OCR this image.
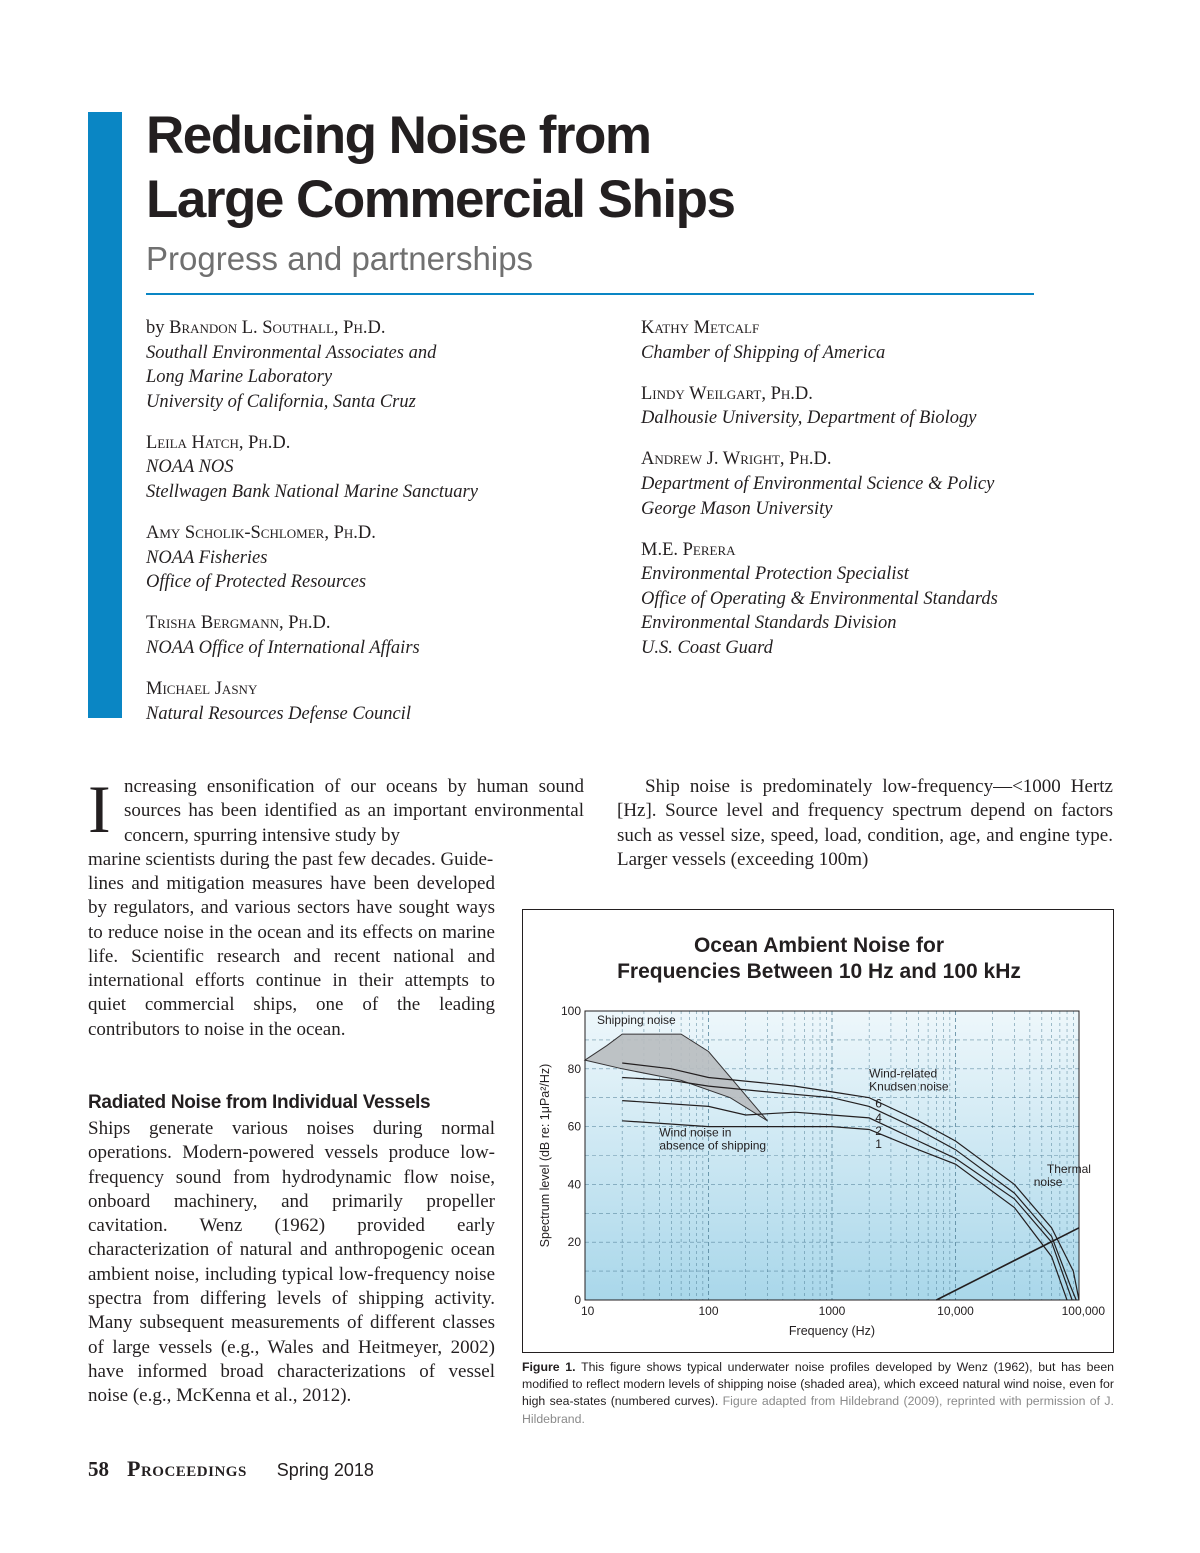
Reducing Noise from
Large Commercial Ships
Progress and partnerships
by Brandon L. Southall, Ph.D.
Southall Environmental Associates and
Long Marine Laboratory
University of California, Santa Cruz
Leila Hatch, Ph.D.
NOAA NOS
Stellwagen Bank National Marine Sanctuary
Amy Scholik-Schlomer, Ph.D.
NOAA Fisheries
Office of Protected Resources
Trisha Bergmann, Ph.D.
NOAA Office of International Affairs
Michael Jasny
Natural Resources Defense Council
Kathy Metcalf
Chamber of Shipping of America
Lindy Weilgart, Ph.D.
Dalhousie University, Department of Biology
Andrew J. Wright, Ph.D.
Department of Environmental Science & Policy
George Mason University
M.E. Perera
Environmental Protection Specialist
Office of Operating & Environmental Standards
Environmental Standards Division
U.S. Coast Guard
I ncreasing ensonification of our oceans by human sound sources has been identified as an important environmental concern, spurring intensive study by

marine scientists during the past few decades. Guide-

lines and mitigation measures have been developed by regulators, and various sectors have sought ways to reduce noise in the ocean and its effects on marine life. Scientific research and recent national and international efforts continue in their attempts to quiet commercial ships, one of the leading contributors to noise in the ocean.

Radiated Noise from Individual Vessels

Ships generate various noises during normal operations. Modern-powered vessels produce low-frequency sound from hydrodynamic flow noise, onboard machinery, and primarily propeller cavitation. Wenz (1962) provided early characterization of natural and anthropogenic ocean ambient noise, including typical low-frequency noise spectra from differing levels of shipping activity. Many subsequent measurements of different classes of large vessels (e.g., Wales and Heitmeyer, 2002) have informed broad characterizations of vessel noise (e.g., McKenna et al., 2012).

Ship noise is predominately low-frequency—<1000 Hertz [Hz]. Source level and frequency spectrum depend on factors such as vessel size, speed, load, condition, age, and engine type. Larger vessels (exceeding 100m)

Ocean Ambient Noise for
Frequencies Between 10 Hz and 100 kHz
10	100	1000	10,000	100,000
0
20
40
60
80
100
6
4
2
1
Shipping noise
Wind-related
Knudsen noise
Wind noise in
absence of shipping
Thermal
noise
Frequency (Hz)
Spectrum level (dB re: 1μPa²/Hz)
Figure 1. This figure shows typical underwater noise profiles developed by Wenz (1962), but has been modified to reflect modern levels of shipping noise (shaded area), which exceed natural wind noise, even for high sea-states (numbered curves). Figure adapted from Hildebrand (2009), reprinted with permission of J. Hildebrand.
58 Proceedings Spring 2018
